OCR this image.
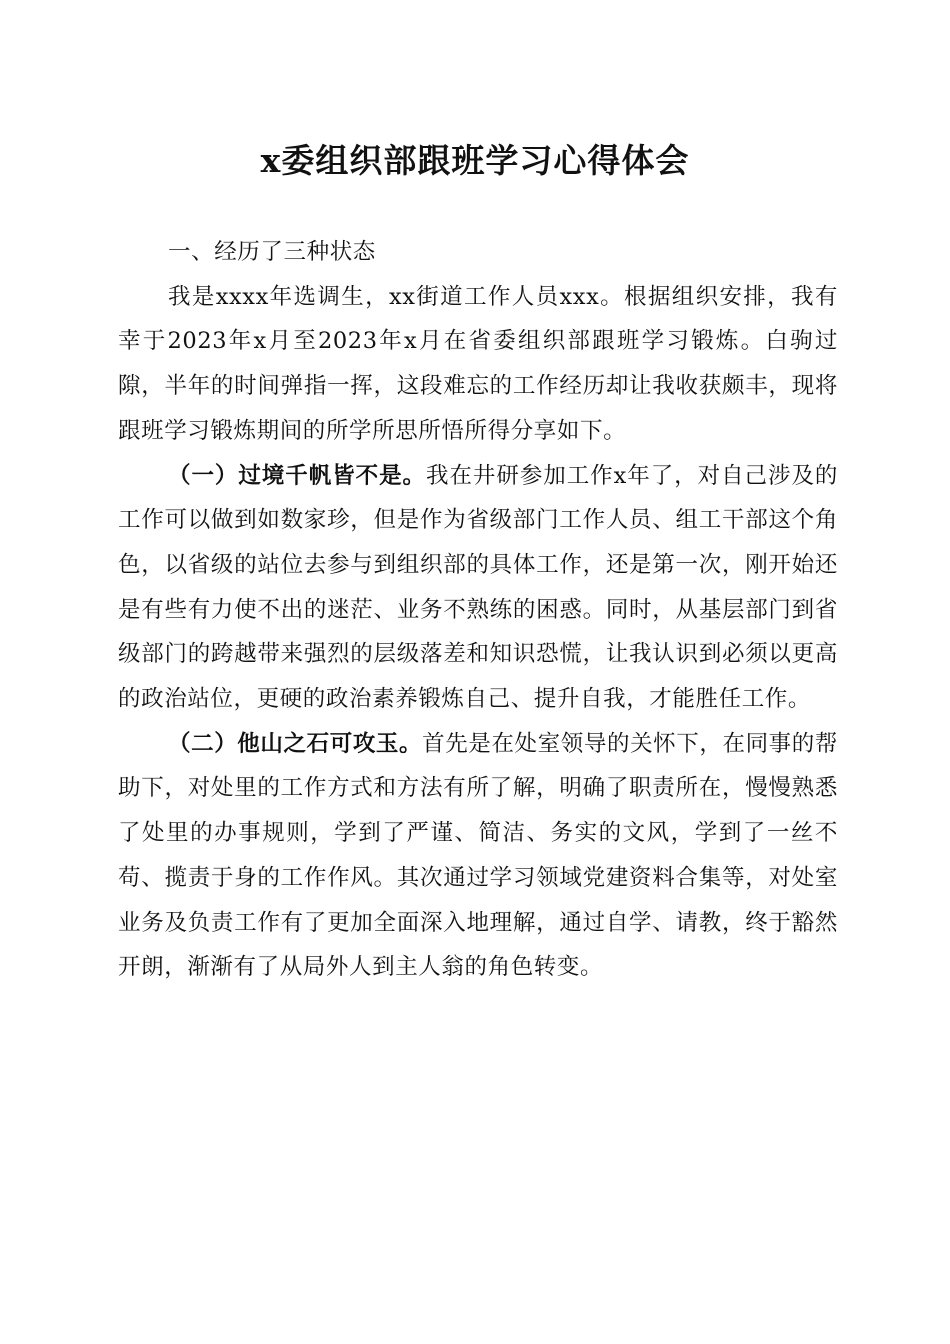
x委组织部跟班学习心得体会
一、经历了三种状态

我是xxxx年选调生，xx街道工作人员xxx。根据组织安排，我有幸于2023年x月至2023年x月在省委组织部跟班学习锻炼。白驹过隙，半年的时间弹指一挥，这段难忘的工作经历却让我收获颇丰，现将跟班学习锻炼期间的所学所思所悟所得分享如下。

（一）过境千帆皆不是。我在井研参加工作x年了，对自己涉及的工作可以做到如数家珍，但是作为省级部门工作人员、组工干部这个角色，以省级的站位去参与到组织部的具体工作，还是第一次，刚开始还是有些有力使不出的迷茫、业务不熟练的困惑。同时，从基层部门到省级部门的跨越带来强烈的层级落差和知识恐慌，让我认识到必须以更高的政治站位，更硬的政治素养锻炼自己、提升自我，才能胜任工作。

（二）他山之石可攻玉。首先是在处室领导的关怀下，在同事的帮助下，对处里的工作方式和方法有所了解，明确了职责所在，慢慢熟悉了处里的办事规则，学到了严谨、简洁、务实的文风，学到了一丝不苟、揽责于身的工作作风。其次通过学习领域党建资料合集等，对处室业务及负责工作有了更加全面深入地理解，通过自学、请教，终于豁然开朗，渐渐有了从局外人到主人翁的角色转变。
